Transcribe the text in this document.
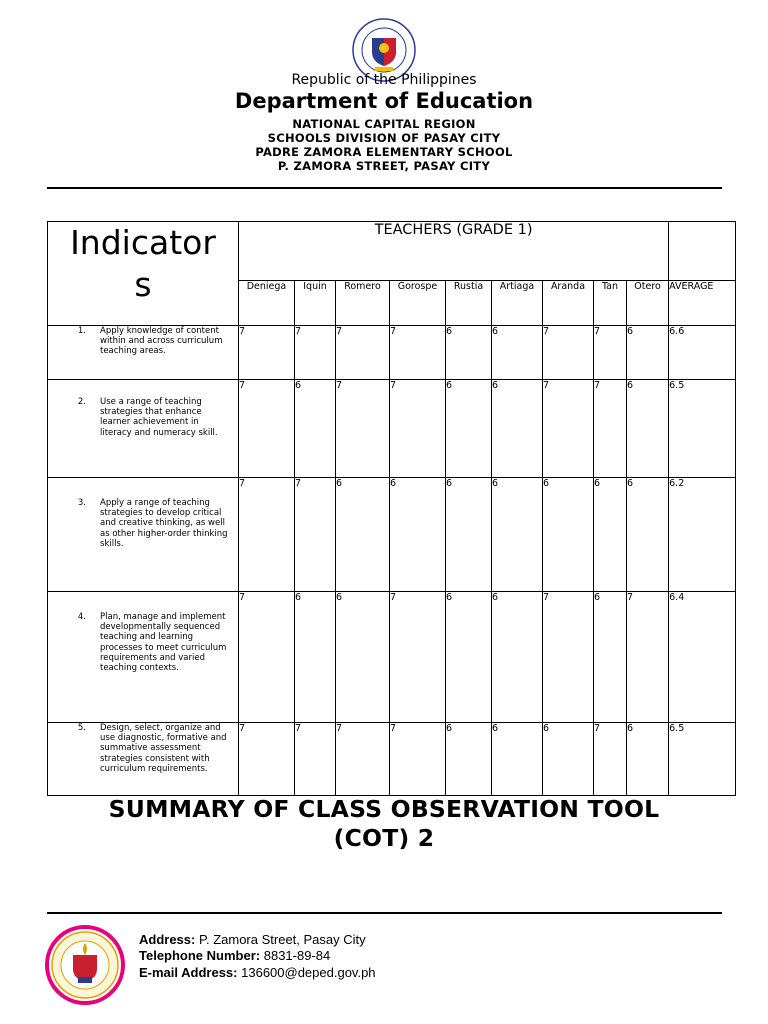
Republic of the Philippines
Department of Education
NATIONAL CAPITAL REGION
SCHOOLS DIVISION OF PASAY CITY
PADRE ZAMORA ELEMENTARY SCHOOL
P. ZAMORA STREET, PASAY CITY
Indicator
s	TEACHERS (GRADE 1)									
	Deniega	Iquin	Romero	Gorospe	Rustia	Artiaga	Aranda	Tan	Otero	AVERAGE

1. Apply knowledge of content within and across curriculum teaching areas.	7	7	7	7	6	6	7	7	6	6.6

2. Use a range of teaching strategies that enhance learner achievement in literacy and numeracy skill.	7	6	7	7	6	6	7	7	6	6.5

3. Apply a range of teaching strategies to develop critical and creative thinking, as well as other higher-order thinking skills.	7	7	6	6	6	6	6	6	6	6.2

4. Plan, manage and implement developmentally sequenced teaching and learning processes to meet curriculum requirements and varied teaching contexts.	7	6	6	7	6	6	7	6	7	6.4

5. Design, select, organize and use diagnostic, formative and summative assessment strategies consistent with curriculum requirements.	7	7	7	7	6	6	6	7	6	6.5
SUMMARY OF CLASS OBSERVATION TOOL
(COT) 2
Address: P. Zamora Street, Pasay City
Telephone Number: 8831-89-84
E-mail Address: 136600@deped.gov.ph
